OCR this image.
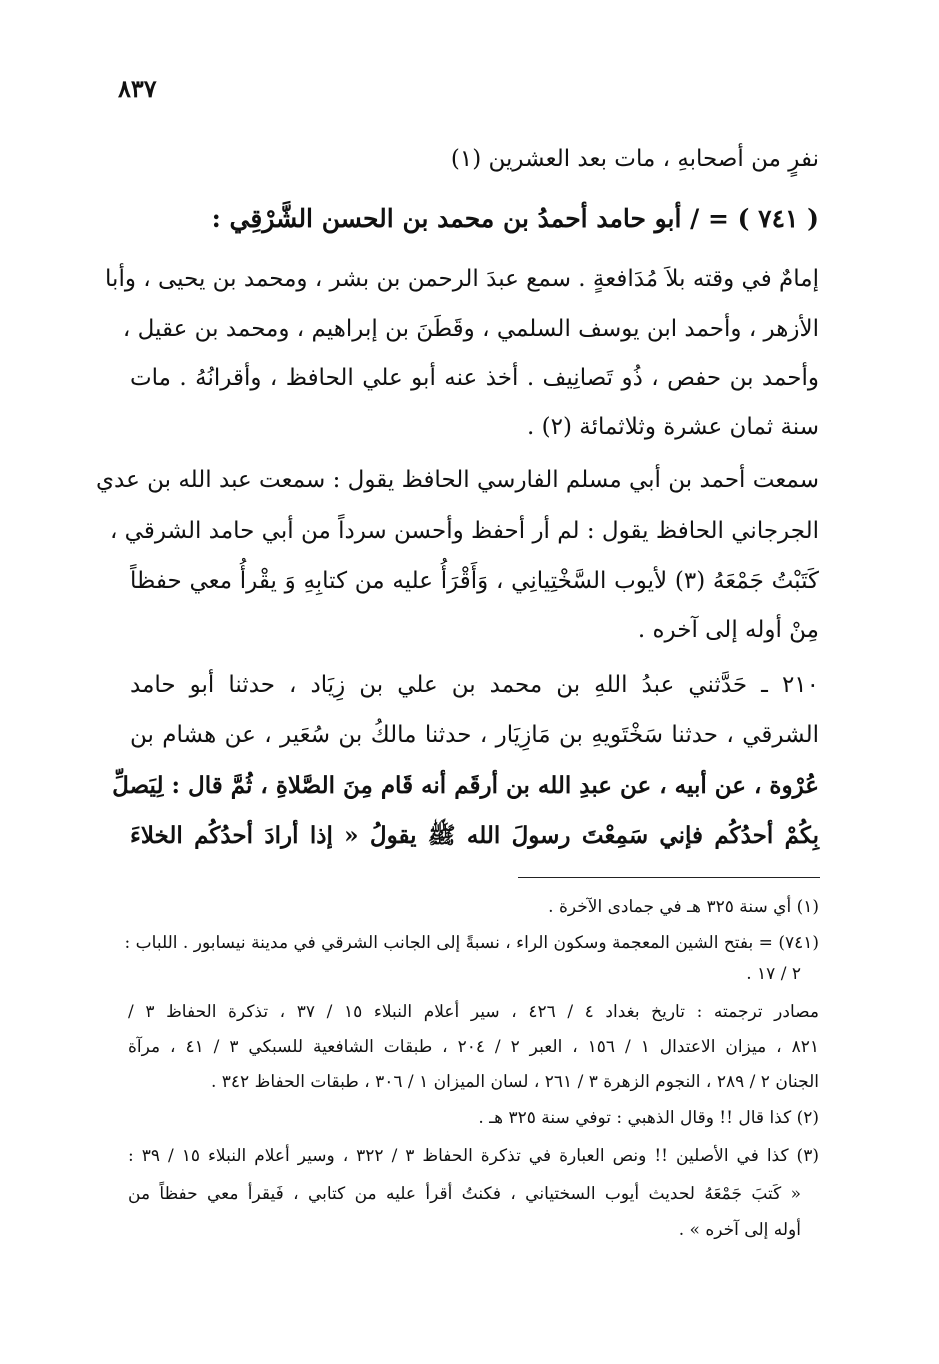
٨٣٧
نفرٍ من أصحابهِ ، مات بعد العشرين (١)
( ٧٤١ ) = / أبو حامد أحمدُ بن محمد بن الحسن الشَّرْقِي :
إمامٌ في وقته بلاَ مُدَافعةٍ . سمع عبدَ الرحمن بن بشر ، ومحمد بن يحيى ، وأبا
الأزهر ، وأحمد ابن يوسف السلمي ، وقَطَنَ بن إبراهيم ، ومحمد بن عقيل ،
وأحمد بن حفص ، ذُو تَصانِيف . أخذ عنه أبو علي الحافظ ، وأقرانُهُ . مات
سنة ثمان عشرة وثلاثمائة (٢) .
سمعت أحمد بن أبي مسلم الفارسي الحافظ يقول : سمعت عبد الله بن عدي
الجرجاني الحافظ يقول : لم أر أحفظ وأحسن سرداً من أبي حامد الشرقي ،
كَتَبْتُ جَمْعَهُ (٣) لأيوب السَّخْتِيانِي ، وَأَقْرَأُ عليه من كتابِهِ وَ يقْرأُ معي حفظاً
مِنْ أوله إلى آخره .
٢١٠ ـ حَدَّثني عبدُ اللهِ بن محمد بن علي بن زِيَاد ، حدثنا أبو حامد
الشرقي ، حدثنا سَخْتَويهِ بن مَازِيَار ، حدثنا مالكُ بن سُعَير ، عن هشام بن
عُرْوة ، عن أبيه ، عن عبدِ الله بن أرقَم أنه قَام مِنَ الصَّلاةِ ، ثُمَّ قال : لِيَصلِّ
بِكُمْ أحدُكُم فإني سَمِعْتَ رسولَ الله ﷺ يقولُ « إذا أرادَ أحدُكُم الخلاءَ
(١) أي سنة ٣٢٥ هـ في جمادى الآخرة .
(٧٤١) = بفتح الشين المعجمة وسكون الراء ، نسبةً إلى الجانب الشرقي في مدينة نيسابور . اللباب :
٢ / ١٧ .
مصادر ترجمته : تاريخ بغداد ٤ / ٤٢٦ ، سير أعلام النبلاء ١٥ / ٣٧ ، تذكرة الحفاظ ٣ /
٨٢١ ، ميزان الاعتدال ١ / ١٥٦ ، العبر ٢ / ٢٠٤ ، طبقات الشافعية للسبكي ٣ / ٤١ ، مرآة
الجنان ٢ / ٢٨٩ ، النجوم الزهرة ٣ / ٢٦١ ، لسان الميزان ١ / ٣٠٦ ، طبقات الحفاظ ٣٤٢ .
(٢) كذا قال !! وقال الذهبي : توفي سنة ٣٢٥ هـ .
(٣) كذا في الأصلين !! ونص العبارة في تذكرة الحفاظ ٣ / ٣٢٢ ، وسير أعلام النبلاء ١٥ / ٣٩ :
« كَتبَ جَمْعَهُ لحديث أيوب السختياني ، فكنتُ أقرأ عليه من كتابي ، فَيقرأ معي حفظاً من
أوله إلى آخره » .
